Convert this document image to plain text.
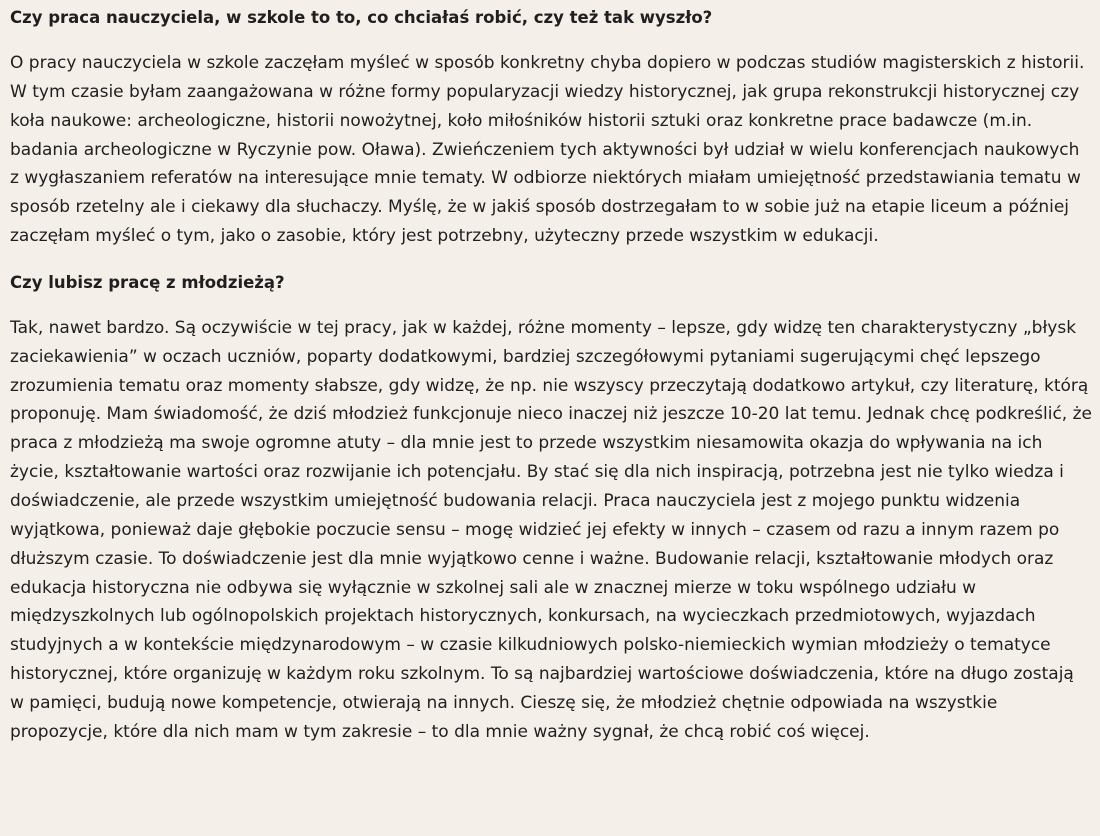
Czy praca nauczyciela, w szkole to to, co chciałaś robić, czy też tak wyszło?

O pracy nauczyciela w szkole zaczęłam myśleć w sposób konkretny chyba dopiero w podczas studiów magisterskich z historii. W tym czasie byłam zaangażowana w różne formy popularyzacji wiedzy historycznej, jak grupa rekonstrukcji historycznej czy koła naukowe: archeologiczne, historii nowożytnej, koło miłośników historii sztuki oraz konkretne prace badawcze (m.in. badania archeologiczne w Ryczynie pow. Oława). Zwieńczeniem tych aktywności był udział w wielu konferencjach naukowych z wygłaszaniem referatów na interesujące mnie tematy. W odbiorze niektórych miałam umiejętność przedstawiania tematu w sposób rzetelny ale i ciekawy dla słuchaczy. Myślę, że w jakiś sposób dostrzegałam to w sobie już na etapie liceum a później zaczęłam myśleć o tym, jako o zasobie, który jest potrzebny, użyteczny przede wszystkim w edukacji.

Czy lubisz pracę z młodzieżą?

Tak, nawet bardzo. Są oczywiście w tej pracy, jak w każdej, różne momenty – lepsze, gdy widzę ten charakterystyczny „błysk zaciekawienia” w oczach uczniów, poparty dodatkowymi, bardziej szczegółowymi pytaniami sugerującymi chęć lepszego zrozumienia tematu oraz momenty słabsze, gdy widzę, że np. nie wszyscy przeczytają dodatkowo artykuł, czy literaturę, którą proponuję. Mam świadomość, że dziś młodzież funkcjonuje nieco inaczej niż jeszcze 10-20 lat temu. Jednak chcę podkreślić, że praca z młodzieżą ma swoje ogromne atuty – dla mnie jest to przede wszystkim niesamowita okazja do wpływania na ich życie, kształtowanie wartości oraz rozwijanie ich potencjału. By stać się dla nich inspiracją, potrzebna jest nie tylko wiedza i doświadczenie, ale przede wszystkim umiejętność budowania relacji. Praca nauczyciela jest z mojego punktu widzenia wyjątkowa, ponieważ daje głębokie poczucie sensu – mogę widzieć jej efekty w innych – czasem od razu a innym razem po dłuższym czasie. To doświadczenie jest dla mnie wyjątkowo cenne i ważne. Budowanie relacji, kształtowanie młodych oraz edukacja historyczna nie odbywa się wyłącznie w szkolnej sali ale w znacznej mierze w toku wspólnego udziału w międzyszkolnych lub ogólnopolskich projektach historycznych, konkursach, na wycieczkach przedmiotowych, wyjazdach studyjnych a w kontekście międzynarodowym – w czasie kilkudniowych polsko-niemieckich wymian młodzieży o tematyce historycznej, które organizuję w każdym roku szkolnym. To są najbardziej wartościowe doświadczenia, które na długo zostają w pamięci, budują nowe kompetencje, otwierają na innych. Cieszę się, że młodzież chętnie odpowiada na wszystkie propozycje, które dla nich mam w tym zakresie – to dla mnie ważny sygnał, że chcą robić coś więcej.
